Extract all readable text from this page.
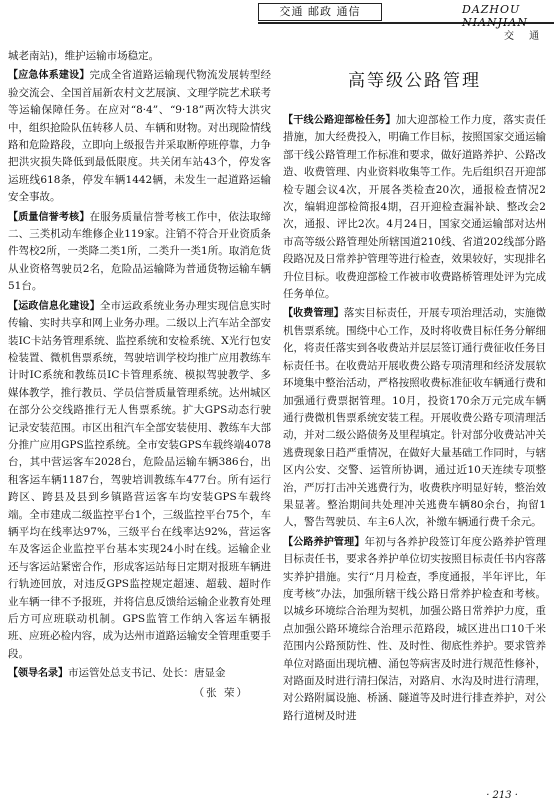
交通 邮政 通信	DAZHOU NIANJIAN
交 通

城老南站)，维护运输市场稳定。

【 应急体系建设 】 完成全省道路运输现代物流发展转型经验交流会、全国首届新农村文艺展演、文理学院艺术联考等运输保障任务。在应对“8·4”、“9·18”两次特大洪灾中，组织抢险队伍转移人员、车辆和财物。对出现险情线路和危险路段，立即向上级报告并采取断停班停靠，力争把洪灾损失降低到最低限度。共关闭车站43个，停发客运班线618条，停发车辆1442辆，未发生一起道路运输安全事故。

【 质量信誉考核 】 在服务质量信誉考核工作中，依法取缔二、三类机动车维修企业119家。注销不符合开业资质条件驾校2所，一类降二类1所，二类升一类1所。取消危货从业资格驾驶员2名，危险品运输降为普通货物运输车辆51台。

【 运政信息化建设 】 全市运政系统业务办理实现信息实时传输、实时共享和网上业务办理。二级以上汽车站全部安装IC卡站务管理系统、监控系统和安检系统、X光行包安检装置、微机售票系统，驾驶培训学校均推广应用教练车计时IC系统和教练员IC卡管理系统、模拟驾驶教学、多媒体教学，推行教员、学员信誉质量管理系统。达州城区在部分公交线路推行无人售票系统。扩大GPS动态行驶记录安装范围。市区出租汽车全部安装使用、教练车大部分推广应用GPS监控系统。全市安装GPS车载终端4078台，其中营运客车2028台，危险品运输车辆386台，出租客运车辆1187台，驾驶培训教练车477台。所有运行跨区、跨县及县到乡镇路营运客车均安装GPS车载终端。全市建成二级监控平台1个，三级监控平台75个，车辆平均在线率达97%，三级平台在线率达92%，营运客车及客运企业监控平台基本实现24小时在线。运输企业还与客运站紧密合作，形成客运站每日定期对报班车辆进行轨迹回放，对违反GPS监控规定超速、超载、超时作业车辆一律不予报班，并将信息反馈给运输企业教育处理后方可应班联动机制。GPS监管工作纳入客运车辆报班、应班必检内容，成为达州市道路运输安全管理重要手段。

【 领导名录 】 市运管处总支书记、处长：唐显金

（张 荣）

高等级公路管理

【 干线公路迎部检任务 】 加大迎部检工作力度，落实责任措施，加大经费投入，明确工作目标，按照国家交通运输部干线公路管理工作标准和要求，做好道路养护、公路改造、收费管理、内业资料收集等工作。先后组织召开迎部检专题会议4次，开展各类检查20次，通报检查情况2次，编辑迎部检简报4期，召开迎检查漏补缺、整改会2次，通报、评比2次。4月24日，国家交通运输部对达州市高等级公路管理处所辖国道210线、省道202线部分路段路况及日常养护管理等进行检查，效果较好，实现排名升位目标。收费迎部检工作被市收费路桥管理处评为完成任务单位。

【 收费管理 】 落实目标责任，开展专项治理活动，实施微机售票系统。围绕中心工作，及时将收费目标任务分解细化，将责任落实到各收费站并层层签订通行费征收任务目标责任书。在收费站开展收费公路专项清理和经济发展软环境集中整治活动，严格按照收费标准征收车辆通行费和加强通行费票据管理。10月，投资170余万元完成车辆通行费微机售票系统安装工程。开展收费公路专项清理活动，并对二级公路债务及里程填定。针对部分收费站冲关逃费现象日趋严重情况，在做好大量基础工作同时，与辖区内公安、交警、运管所协调，通过近10天连续专项整治，严厉打击冲关逃费行为，收费秩序明显好转，整治效果显著。整治期间共处理冲关逃费车辆80余台，拘留1人，警告驾驶员、车主6人次，补缴车辆通行费千余元。

【 公路养护管理 】 年初与各养护段签订年度公路养护管理目标责任书，要求各养护单位切实按照目标责任书内容落实养护措施。实行“月月检查，季度通报，半年评比，年度考核”办法，加强所辖干线公路日常养护检查和考核。以城乡环境综合治理为契机，加强公路日常养护力度，重点加强公路环境综合治理示范路段，城区进出口10千米范围内公路预防性、性、及时性、彻底性养护。要求管养单位对路面出现坑槽、涌包等病害及时进行规范性修补，对路面及时进行清扫保洁，对路肩、水沟及时进行清理，对公路附属设施、桥涵、隧道等及时进行排查养护，对公路行道树及时进

· 213 ·
